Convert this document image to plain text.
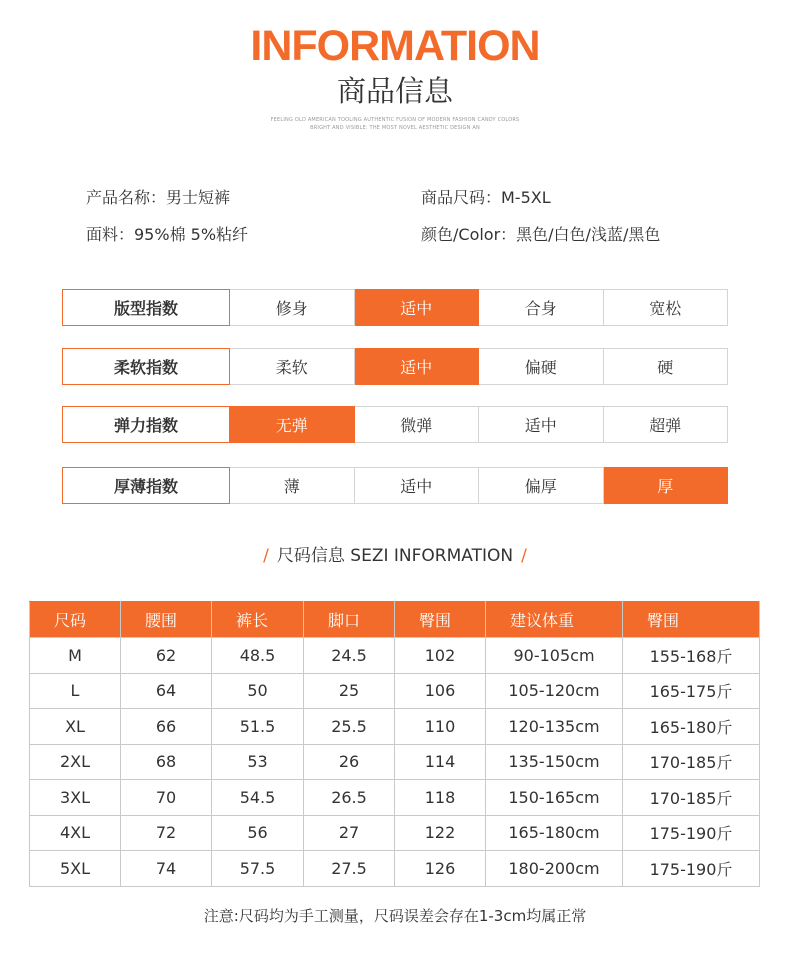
INFORMATION
商品信息
FEELING OLD AMERICAN TOOLING AUTHENTIC FUSION OF MODERN FASHION CANDY COLORS
BRIGHT AND VISIBLE: THE MOST NOVEL AESTHETIC DESIGN AN
产品名称：男士短裤	商品尺码：M-5XL
面料：95%棉 5%粘纤	颜色/Color：黑色/白色/浅蓝/黑色
版型指数	修身	适中	合身	宽松
柔软指数	柔软	适中	偏硬	硬
弹力指数	无弹	微弹	适中	超弹
厚薄指数	薄	适中	偏厚	厚
/ 尺码信息 SEZI INFORMATION /
尺码	腰围	裤长	脚口	臀围	建议体重	臀围
M	62	48.5	24.5	102	90-105cm	155-168斤
L	64	50	25	106	105-120cm	165-175斤
XL	66	51.5	25.5	110	120-135cm	165-180斤
2XL	68	53	26	114	135-150cm	170-185斤
3XL	70	54.5	26.5	118	150-165cm	170-185斤
4XL	72	56	27	122	165-180cm	175-190斤
5XL	74	57.5	27.5	126	180-200cm	175-190斤
注意:尺码均为手工测量，尺码误差会存在1-3cm均属正常
